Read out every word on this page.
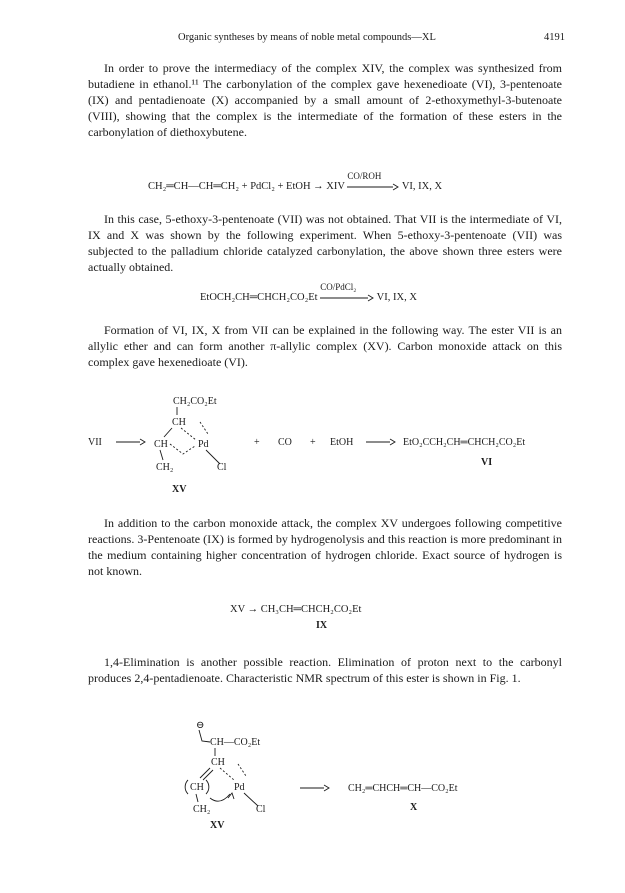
Organic syntheses by means of noble metal compounds—XL	4191

In order to prove the intermediacy of the complex XIV, the complex was synthesized from butadiene in ethanol.¹¹ The carbonylation of the complex gave hexenedioate (VI), 3-pentenoate (IX) and pentadienoate (X) accompanied by a small amount of 2-ethoxymethyl-3-butenoate (VIII), showing that the complex is the intermediate of the formation of these esters in the carbonylation of diethoxybutene.

CH₂═CH—CH═CH₂ + PdCl₂ + EtOH → XIV
CO/ROH
VI, IX, X

In this case, 5-ethoxy-3-pentenoate (VII) was not obtained. That VII is the intermediate of VI, IX and X was shown by the following experiment. When 5-ethoxy-3-pentenoate (VII) was subjected to the palladium chloride catalyzed carbonylation, the above shown three esters were actually obtained.

EtOCH₂CH═CHCH₂CO₂Et
CO/PdCl₂
VI, IX, X

Formation of VI, IX, X from VII can be explained in the following way. The ester VII is an allylic ether and can form another π-allylic complex (XV). Carbon monoxide attack on this complex gave hexenedioate (VI).

VII
CH₂CO₂Et
CH
CH	Pd
CH₂	Cl
+ CO + EtOH	EtO₂CCH₂CH═CHCH₂CO₂Et
VI
XV

In addition to the carbon monoxide attack, the complex XV undergoes following competitive reactions. 3-Pentenoate (IX) is formed by hydrogenolysis and this reaction is more predominant in the medium containing higher concentration of hydrogen chloride. Exact source of hydrogen is not known.

XV → CH₃CH═CHCH₂CO₂Et
IX

1,4-Elimination is another possible reaction. Elimination of proton next to the carbonyl produces 2,4-pentadienoate. Characteristic NMR spectrum of this ester is shown in Fig. 1.

⊖
CH—CO₂Et
CH
CH	Pd
CH₂	Cl
CH₂═CHCH═CH—CO₂Et
X
XV
